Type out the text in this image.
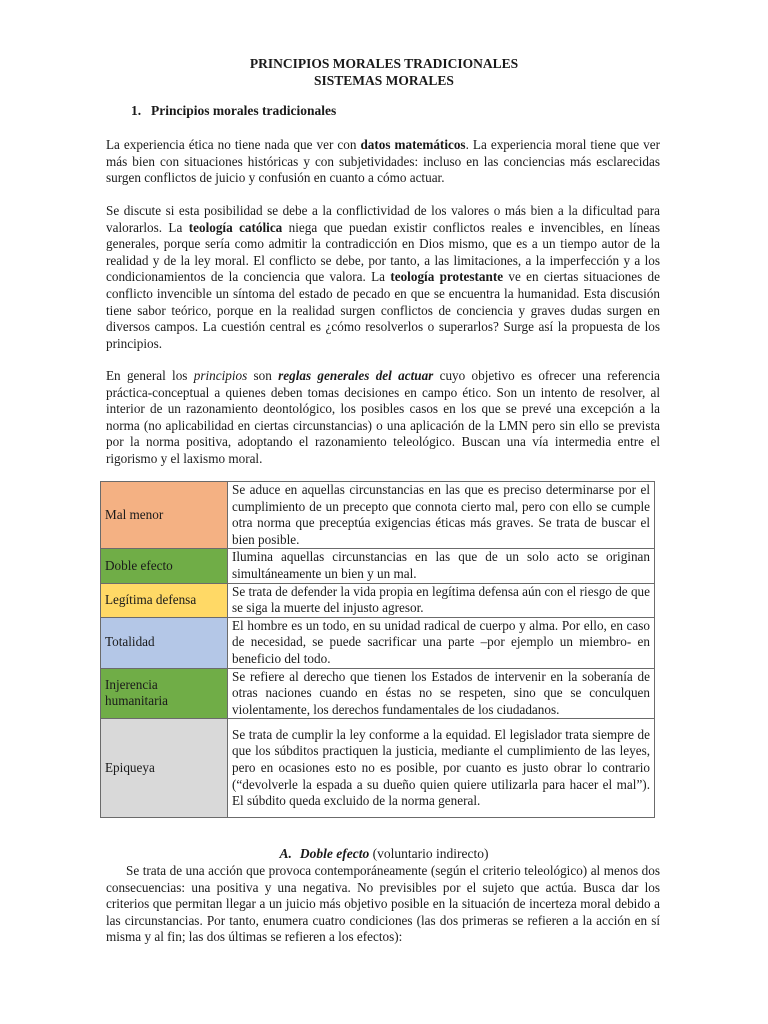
PRINCIPIOS MORALES TRADICIONALES
SISTEMAS MORALES
1. Principios morales tradicionales

La experiencia ética no tiene nada que ver con datos matemáticos. La experiencia moral tiene que ver más bien con situaciones históricas y con subjetividades: incluso en las conciencias más esclarecidas surgen conflictos de juicio y confusión en cuanto a cómo actuar.

Se discute si esta posibilidad se debe a la conflictividad de los valores o más bien a la dificultad para valorarlos. La teología católica niega que puedan existir conflictos reales e invencibles, en líneas generales, porque sería como admitir la contradicción en Dios mismo, que es a un tiempo autor de la realidad y de la ley moral. El conflicto se debe, por tanto, a las limitaciones, a la imperfección y a los condicionamientos de la conciencia que valora. La teología protestante ve en ciertas situaciones de conflicto invencible un síntoma del estado de pecado en que se encuentra la humanidad. Esta discusión tiene sabor teórico, porque en la realidad surgen conflictos de conciencia y graves dudas surgen en diversos campos. La cuestión central es ¿cómo resolverlos o superarlos? Surge así la propuesta de los principios.

En general los principios son reglas generales del actuar cuyo objetivo es ofrecer una referencia práctica-conceptual a quienes deben tomas decisiones en campo ético. Son un intento de resolver, al interior de un razonamiento deontológico, los posibles casos en los que se prevé una excepción a la norma (no aplicabilidad en ciertas circunstancias) o una aplicación de la LMN pero sin ello se prevista por la norma positiva, adoptando el razonamiento teleológico. Buscan una vía intermedia entre el rigorismo y el laxismo moral.

Mal menor	Se aduce en aquellas circunstancias en las que es preciso determinarse por el cumplimiento de un precepto que connota cierto mal, pero con ello se cumple otra norma que preceptúa exigencias éticas más graves. Se trata de buscar el bien posible.
Doble efecto	Ilumina aquellas circunstancias en las que de un solo acto se originan simultáneamente un bien y un mal.
Legítima defensa	Se trata de defender la vida propia en legítima defensa aún con el riesgo de que se siga la muerte del injusto agresor.
Totalidad	El hombre es un todo, en su unidad radical de cuerpo y alma. Por ello, en caso de necesidad, se puede sacrificar una parte –por ejemplo un miembro- en beneficio del todo.
Injerencia humanitaria	Se refiere al derecho que tienen los Estados de intervenir en la soberanía de otras naciones cuando en éstas no se respeten, sino que se conculquen violentamente, los derechos fundamentales de los ciudadanos.
Epiqueya	Se trata de cumplir la ley conforme a la equidad. El legislador trata siempre de que los súbditos practiquen la justicia, mediante el cumplimiento de las leyes, pero en ocasiones esto no es posible, por cuanto es justo obrar lo contrario (“devolverle la espada a su dueño quien quiere utilizarla para hacer el mal”). El súbdito queda excluido de la norma general.
A. Doble efecto (voluntario indirecto)

Se trata de una acción que provoca contemporáneamente (según el criterio teleológico) al menos dos consecuencias: una positiva y una negativa. No previsibles por el sujeto que actúa. Busca dar los criterios que permitan llegar a un juicio más objetivo posible en la situación de incerteza moral debido a las circunstancias. Por tanto, enumera cuatro condiciones (las dos primeras se refieren a la acción en sí misma y al fin; las dos últimas se refieren a los efectos):
